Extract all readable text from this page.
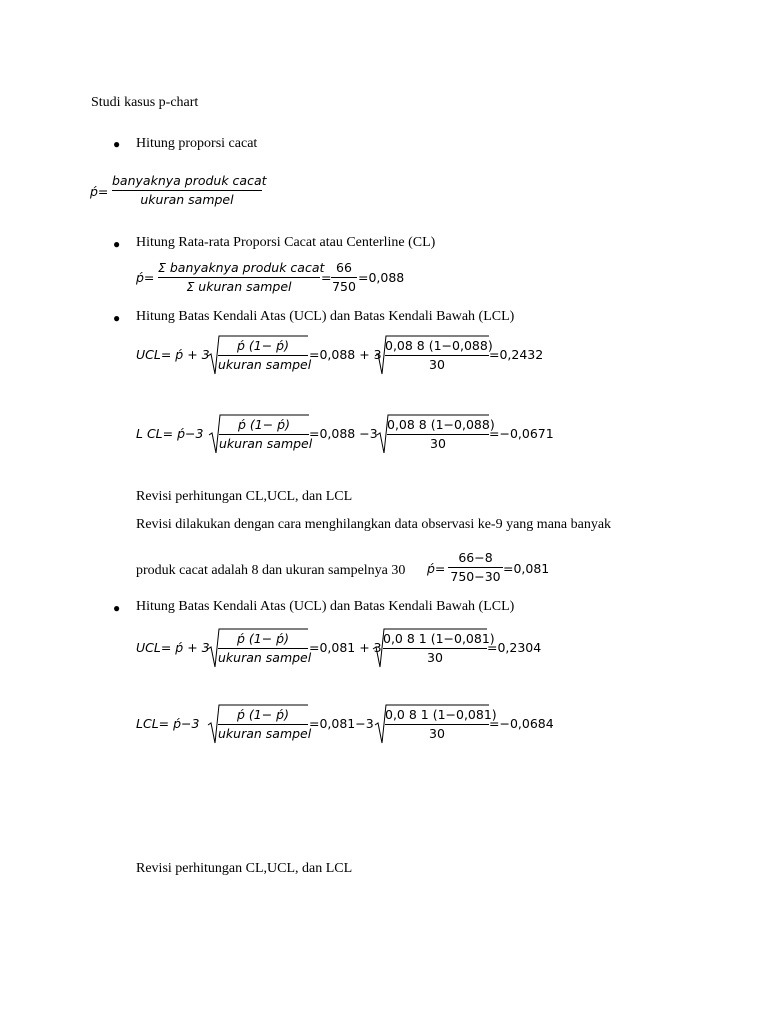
Studi kasus p-chart
● Hitung proporsi cacat
ṕ=
banyaknya produk cacat
ukuran sampel
● Hitung Rata-rata Proporsi Cacat atau Centerline (CL)
ṕ=
Σ banyaknya produk cacat
Σ ukuran sampel
=
66
750
=0,088
● Hitung Batas Kendali Atas (UCL) dan Batas Kendali Bawah (LCL)
UCL= ṕ + 3
ṕ (1− ṕ)
ukuran sampel
=0,088 + 3
0,08 8 (1−0,088)
30
=0,2432
L CL= ṕ−3
ṕ (1− ṕ)
ukuran sampel
=0,088 −3
0,08 8 (1−0,088)
30
=−0,0671
Revisi perhitungan CL,UCL, dan LCL
Revisi dilakukan dengan cara menghilangkan data observasi ke-9 yang mana banyak
produk cacat adalah 8 dan ukuran sampelnya 30 ṕ=
66−8
750−30 =0,081
● Hitung Batas Kendali Atas (UCL) dan Batas Kendali Bawah (LCL)
UCL= ṕ + 3
ṕ (1− ṕ)
ukuran sampel
=0,081 + 3
0,0 8 1 (1−0,081)
30
=0,2304
LCL= ṕ−3
ṕ (1− ṕ)
ukuran sampel
=0,081−3
0,0 8 1 (1−0,081)
30
=−0,0684
Revisi perhitungan CL,UCL, dan LCL
